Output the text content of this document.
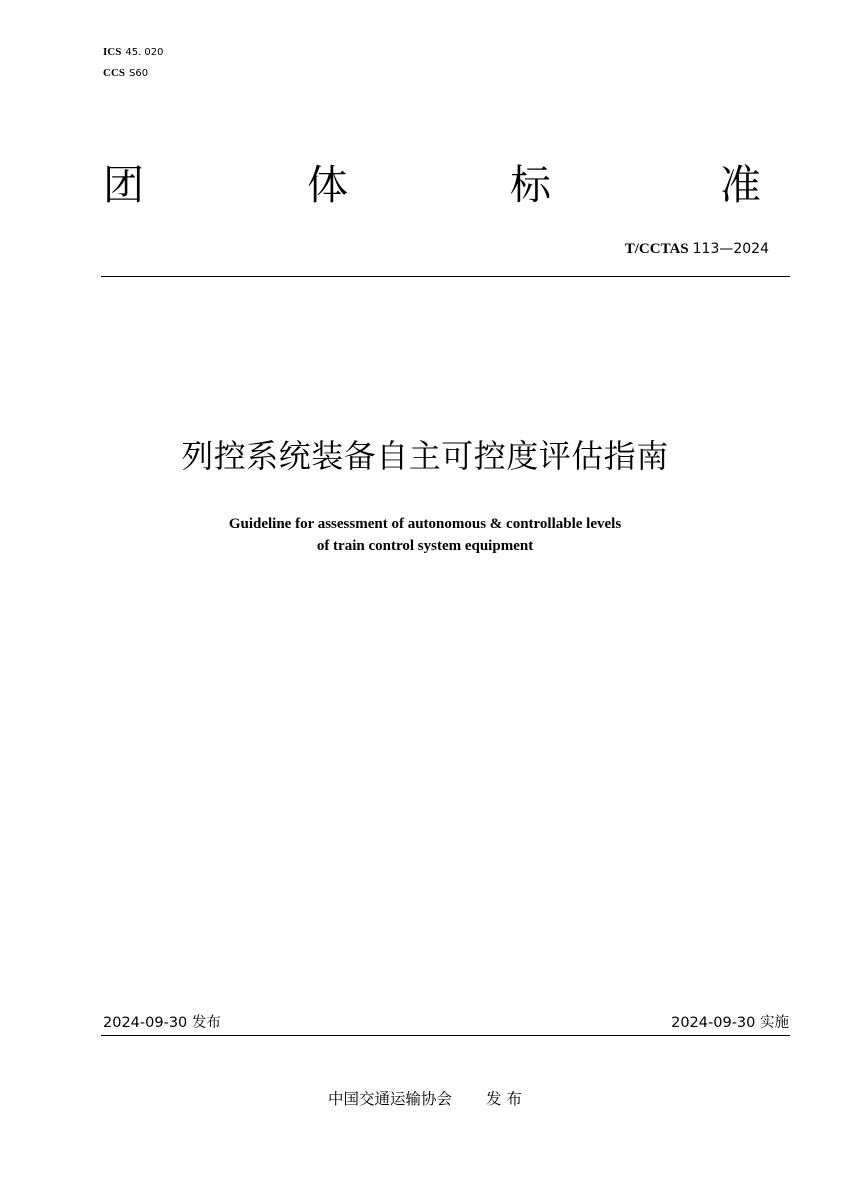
ICS 45. 020
CCS S60
团	体	标	准
T/CCTAS 113—2024
列控系统装备自主可控度评估指南
Guideline for assessment of autonomous & controllable levels
of train control system equipment
2024-09-30 发布	2024-09-30 实施
中国交通运输协会 发 布
